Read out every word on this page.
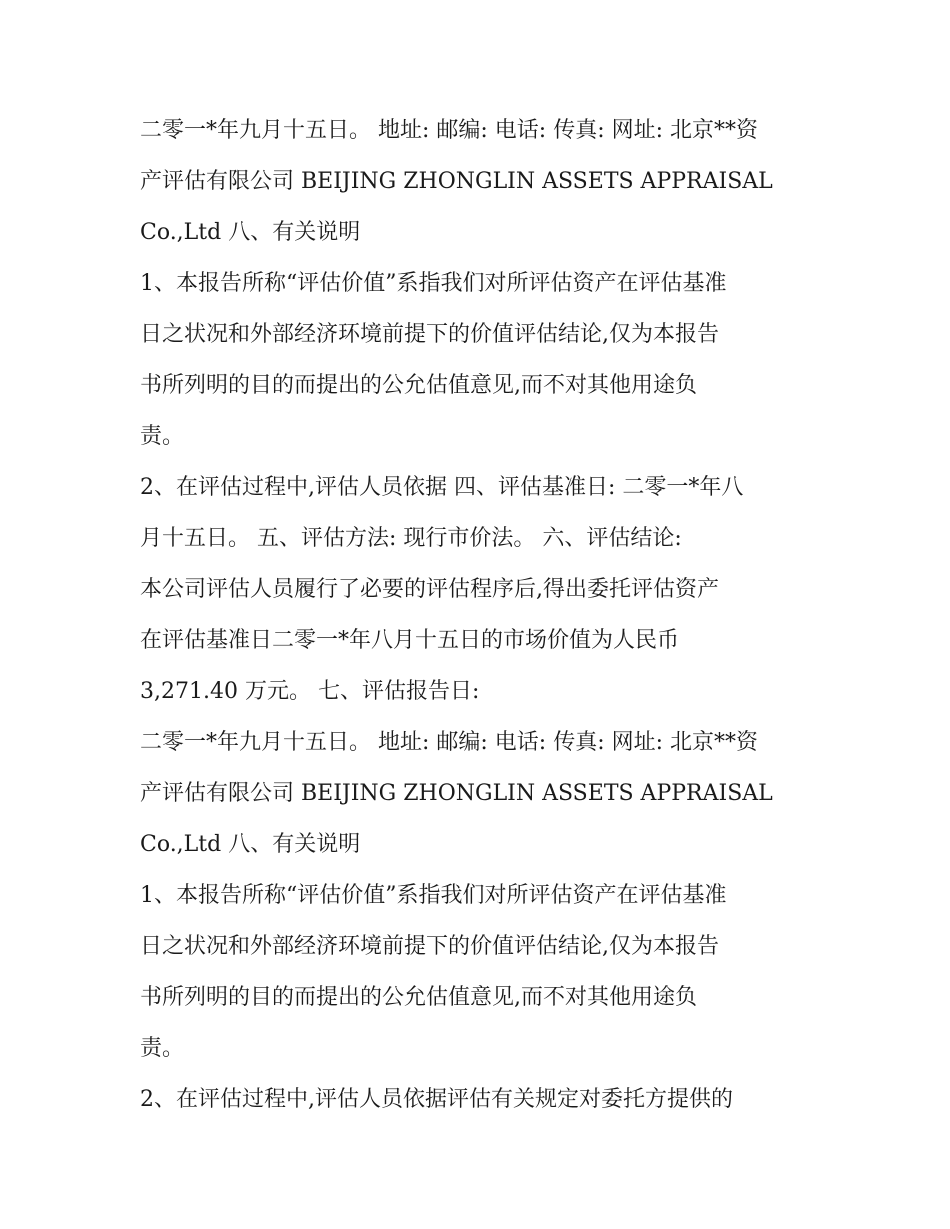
二零一*年九月十五日。 地址: 邮编: 电话: 传真: 网址: 北京**资
产评估有限公司 BEIJING ZHONGLIN ASSETS APPRAISAL
Co.,Ltd 八、有关说明
1、本报告所称“评估价值”系指我们对所评估资产在评估基准
日之状况和外部经济环境前提下的价值评估结论,仅为本报告
书所列明的目的而提出的公允估值意见,而不对其他用途负
责。
2、在评估过程中,评估人员依据 四、评估基准日: 二零一*年八
月十五日。 五、评估方法: 现行市价法。 六、评估结论:
本公司评估人员履行了必要的评估程序后,得出委托评估资产
在评估基准日二零一*年八月十五日的市场价值为人民币
3,271.40 万元。 七、评估报告日:
二零一*年九月十五日。 地址: 邮编: 电话: 传真: 网址: 北京**资
产评估有限公司 BEIJING ZHONGLIN ASSETS APPRAISAL
Co.,Ltd 八、有关说明
1、本报告所称“评估价值”系指我们对所评估资产在评估基准
日之状况和外部经济环境前提下的价值评估结论,仅为本报告
书所列明的目的而提出的公允估值意见,而不对其他用途负
责。
2、在评估过程中,评估人员依据评估有关规定对委托方提供的
